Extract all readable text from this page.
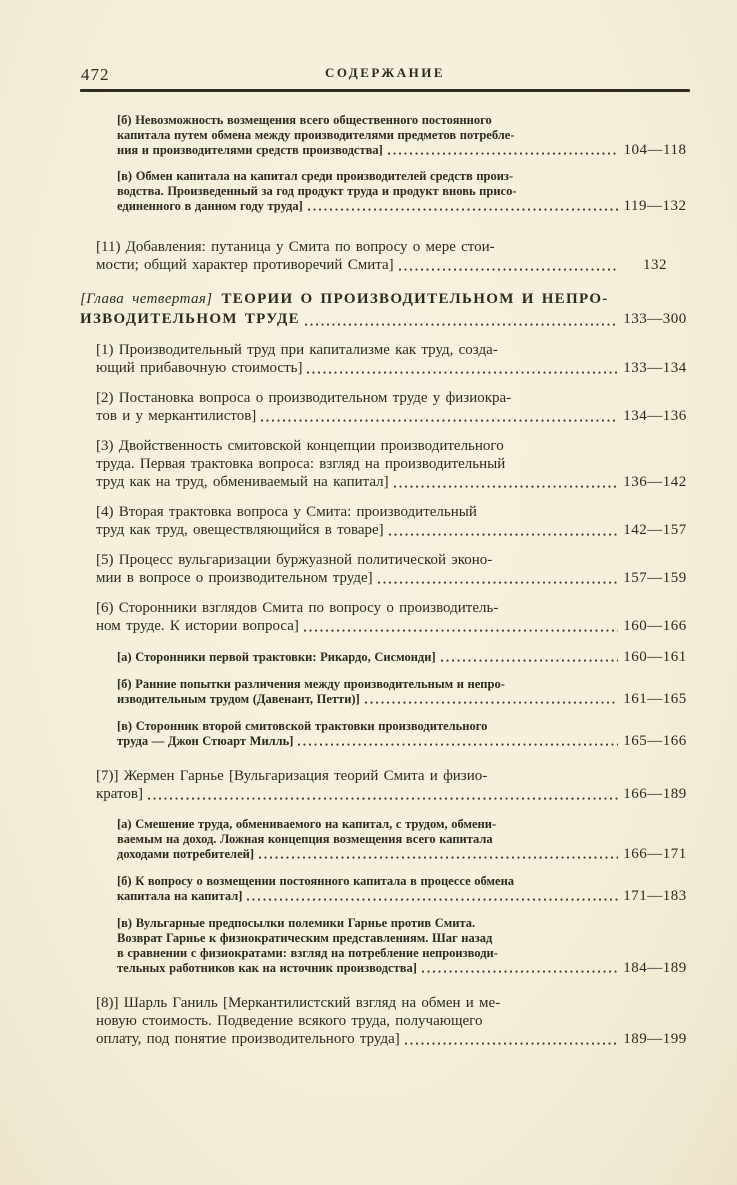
472	СОДЕРЖАНИЕ
[б) Невозможность возмещения всего общественного постоянного
капитала путем обмена между производителями предметов потребле-
ния и производителями средств производства]	104—118
[в) Обмен капитала на капитал среди производителей средств произ-
водства. Произведенный за год продукт труда и продукт вновь присо-
единенного в данном году труда]	119—132
[11) Добавления: путаница у Смита по вопросу о мере стои-
мости; общий характер противоречий Смита]	132
[Глава четвертая] ТЕОРИИ О ПРОИЗВОДИТЕЛЬНОМ И НЕПРО-
ИЗВОДИТЕЛЬНОМ ТРУДЕ	133—300
[1) Производительный труд при капитализме как труд, созда-
ющий прибавочную стоимость]	133—134
[2) Постановка вопроса о производительном труде у физиокра-
тов и у меркантилистов]	134—136
[3) Двойственность смитовской концепции производительного
труда. Первая трактовка вопроса: взгляд на производительный
труд как на труд, обмениваемый на капитал]	136—142
[4) Вторая трактовка вопроса у Смита: производительный
труд как труд, овеществляющийся в товаре]	142—157
[5) Процесс вульгаризации буржуазной политической эконо-
мии в вопросе о производительном труде]	157—159
[6) Сторонники взглядов Смита по вопросу о производитель-
ном труде. К истории вопроса]	160—166
[а) Сторонники первой трактовки: Рикардо, Сисмонди]	160—161
[б) Ранние попытки различения между производительным и непро-
изводительным трудом (Давенант, Петти)]	161—165
[в) Сторонник второй смитовской трактовки производительного
труда — Джон Стюарт Милль]	165—166
[7)] Жермен Гарнье [Вульгаризация теорий Смита и физио-
кратов]	166—189
[а) Смешение труда, обмениваемого на капитал, с трудом, обмени-
ваемым на доход. Ложная концепция возмещения всего капитала
доходами потребителей]	166—171
[б) К вопросу о возмещении постоянного капитала в процессе обмена
капитала на капитал]	171—183
[в) Вульгарные предпосылки полемики Гарнье против Смита.
Возврат Гарнье к физиократическим представлениям. Шаг назад
в сравнении с физиократами: взгляд на потребление непроизводи-
тельных работников как на источник производства]	184—189
[8)] Шарль Ганиль [Меркантилистский взгляд на обмен и ме-
новую стоимость. Подведение всякого труда, получающего
оплату, под понятие производительного труда]	189—199
